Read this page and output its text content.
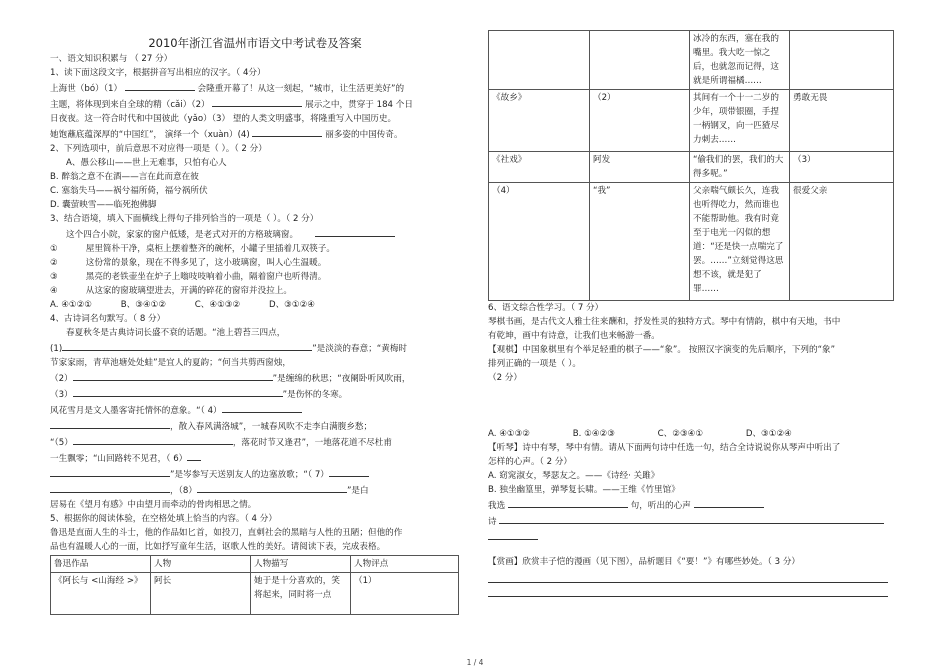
2010年浙江省温州市语文中考试卷及答案
一、语文知识积累与 （ 27 分）
1、读下面这段文字，根据拼音写出相应的汉字。（ 4分）
上海世（bó）（1）	会隆重开幕了！从这一刻起，“城市，让生活更美好”的
主题，将体现到来自全球的精（cǎi）（2）	展示之中，贯穿于 184 个日
日夜夜。这一符合时代和中国彼此（yǎo）（3） 望的人类文明盛事，将隆重写入中国历史。
她饱蘸底蕴深厚的“中国红”， 演绎一个（xuàn）(4)	丽多姿的中国传奇。
2、下列选项中，前后意思不对应得一项是（ ）。（ 2 分）
A、愚公移山——世上无难事，只怕有心人
B. 醉翁之意不在酒——言在此而意在彼
C. 塞翁失马——祸兮福所倚，福兮祸所伏
D. 囊萤映雪——临死抱佛脚
3、结合语境，填入下面横线上得句子排列恰当的一项是（ ）。（ 2 分）
这个四合小院，家家的窗户低矮，是老式对开的方格玻璃窗。
①	屋里简朴干净，桌柜上摆着整齐的碗杯，小罐子里插着几双筷子。
②	这份常的景象，现在不得多见了，这小玻璃窗，叫人心生温暖。
③	黑亮的老铁壶坐在炉子上嗡吱吱响着小曲，隔着窗户也听得清。
④	从这家的窗玻璃望进去，开满的碎花的窗帘并没拉上。
A. ④①②①	B、③④①②	C、④①③②	D、③①②④
4、古诗词名句默写。（ 8 分）
春夏秋冬是古典诗词长盛不衰的话题。“池上碧苔三四点，
(1)	”是淡淡的春意；“黄梅时
节家家雨，青草池塘处处蛙”是宜人的夏韵；“何当共剪西窗烛，
（2）	”是缠绵的秋思；“夜阑卧听风吹雨，
（3）	”是伤怀的冬寒。
风花雪月是文人墨客寄托情怀的意象。“（ 4）
，散入春风满洛城”，一城春风吹不走李白满腹乡愁；
“（5）	，落花时节又逢君”，一地落花道不尽杜甫
一生飘零；“山回路转不见君，（ 6）
”是岑参写天送别友人的边塞放歌；“（ 7）
，（8）	”是白
居易在《望月有感》中由望月而牵动的骨肉相思之情。
5、根据你的阅读体验，在空格处填上恰当的内容。（ 4 分）
鲁迅是直面人生的斗士，他的作品如匕首，如投刀，直刺社会的黑暗与人性的丑陋；但他的作
品也有温暖人心的一面，比如抒写童年生活，讴歌人性的美好。请阅读下表，完成表格。
鲁迅作品	人物	人物描写	人物评点
《阿长与 <山海经 >》	阿长	她于是十分喜欢的，笑将起来，同时将一点	（1）
		冰冷的东西，塞在我的嘴里。我大吃一惊之后，也就忽而记得，这就是所谓福橘……	
《故乡》	（2）	其间有一个十一二岁的少年，项带银圈，手捏一柄钢叉，向一匹猹尽力刺去……	勇敢无畏
《社戏》	阿发	“偷我们的罢，我们的大得多呢。”	（3）
（4）	“我”	父亲喘气颇长久，连我也听得吃力，然而谁也不能帮助他。我有时竟至于电光一闪似的想道：“还是快一点喘完了罢。……”立刻觉得这思想不该，就是犯了罪……	很爱父亲
6、语文综合性学习。（ 7 分）
琴棋书画，是古代文人雅士往来酬和，抒发性灵的独特方式。琴中有情韵，棋中有天地，书中
有乾坤，画中有诗意，让我们也来畅游一番。
【观棋】中国象棋里有个举足轻重的棋子——“象”。 按照汉字演变的先后顺序，下列的“象”
排列正确的一项是（ ）。
（2 分）
A. ④①③②	B. ①④②③	C、②③④①	D、③①②④
【听琴】诗中有琴，琴中有情。请从下面两句诗中任选一句，结合全诗说说你从琴声中听出了
怎样的心声。（ 2 分）
A. 窈窕淑女，琴瑟友之。——《诗经· 关雎》
B. 独坐幽篁里，弹琴复长啸。——王维《竹里馆》
我选	句，听出的心声
诗
【赏画】欣赏丰子恺的漫画（见下图），品析题目《“要！”》有哪些妙处。（ 3 分）
1 / 4
